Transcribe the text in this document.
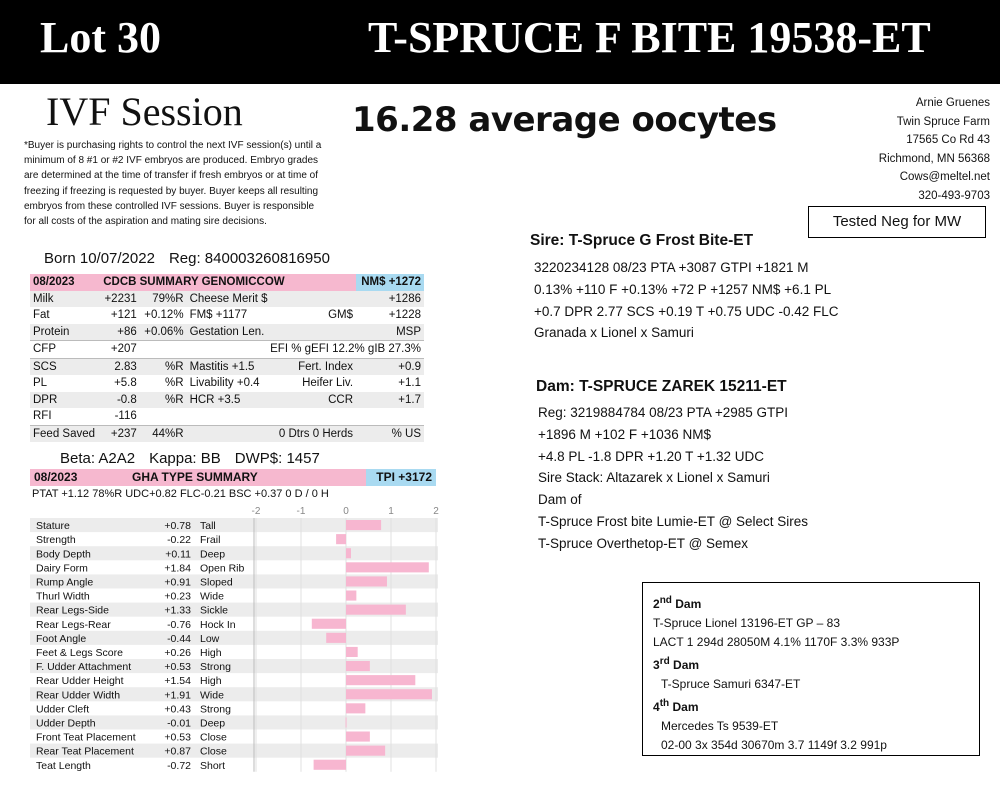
Lot 30	T-SPRUCE F BITE 19538-ET
IVF Session	16.28 average oocytes
*Buyer is purchasing rights to control the next IVF session(s) until a minimum of 8 #1 or #2 IVF embryos are produced. Embryo grades are determined at the time of transfer if fresh embryos or at time of freezing if freezing is requested by buyer. Buyer keeps all resulting embryos from these controlled IVF sessions. Buyer is responsible for all costs of the aspiration and mating sire decisions.
Arnie Gruenes
Twin Spruce Farm
17565 Co Rd 43
Richmond, MN 56368
Cows@meltel.net
320-493-9703
Tested Neg for MW
Born 10/07/2022 Reg: 840003260816950
08/2023	CDCB SUMMARY GENOMICCOW				NM$ +1272
Milk	+2231	79%R	Cheese Merit $		+1286
Fat	+121	+0.12%	FM$ +1177	GM$	+1228
Protein	+86	+0.06%	Gestation Len.		MSP
CFP	+207		EFI % gEFI 12.2% gIB 27.3%		
SCS	2.83	%R	Mastitis +1.5	Fert. Index	+0.9
PL	+5.8	%R	Livability +0.4	Heifer Liv.	+1.1
DPR	-0.8	%R	HCR +3.5	CCR	+1.7
RFI	-116				
Feed Saved	+237	44%R		0 Dtrs 0 Herds	% US
Beta: A2A2 Kappa: BB DWP$: 1457
08/2023	GHA TYPE SUMMARY	TPI +3172
PTAT +1.12 78%R UDC+0.82 FLC-0.21 BSC +0.37 0 D / 0 H
-2	-1	0	1	2
Stature	+0.78 Tall
Strength	-0.22 Frail
Body Depth	+0.11 Deep
Dairy Form	+1.84 Open Rib
Rump Angle	+0.91 Sloped
Thurl Width	+0.23 Wide
Rear Legs-Side	+1.33 Sickle
Rear Legs-Rear	-0.76 Hock In
Foot Angle	-0.44 Low
Feet & Legs Score	+0.26 High
F. Udder Attachment	+0.53 Strong
Rear Udder Height	+1.54 High
Rear Udder Width	+1.91 Wide
Udder Cleft	+0.43 Strong
Udder Depth	-0.01 Deep
Front Teat Placement	+0.53 Close
Rear Teat Placement	+0.87 Close
Teat Length	-0.72 Short
Sire: T-Spruce G Frost Bite-ET
3220234128 08/23 PTA +3087 GTPI +1821 M
0.13% +110 F +0.13% +72 P +1257 NM$ +6.1 PL
+0.7 DPR 2.77 SCS +0.19 T +0.75 UDC -0.42 FLC
Granada x Lionel x Samuri
Dam: T-SPRUCE ZAREK 15211-ET
Reg: 3219884784 08/23 PTA +2985 GTPI
+1896 M +102 F +1036 NM$
+4.8 PL -1.8 DPR +1.20 T +1.32 UDC
Sire Stack: Altazarek x Lionel x Samuri
Dam of
T-Spruce Frost bite Lumie-ET @ Select Sires
T-Spruce Overthetop-ET @ Semex
2nd Dam
T-Spruce Lionel 13196-ET GP – 83
LACT 1 294d 28050M 4.1% 1170F 3.3% 933P
3rd Dam
T-Spruce Samuri 6347-ET
4th Dam
Mercedes Ts 9539-ET
02-00 3x 354d 30670m 3.7 1149f 3.2 991p
